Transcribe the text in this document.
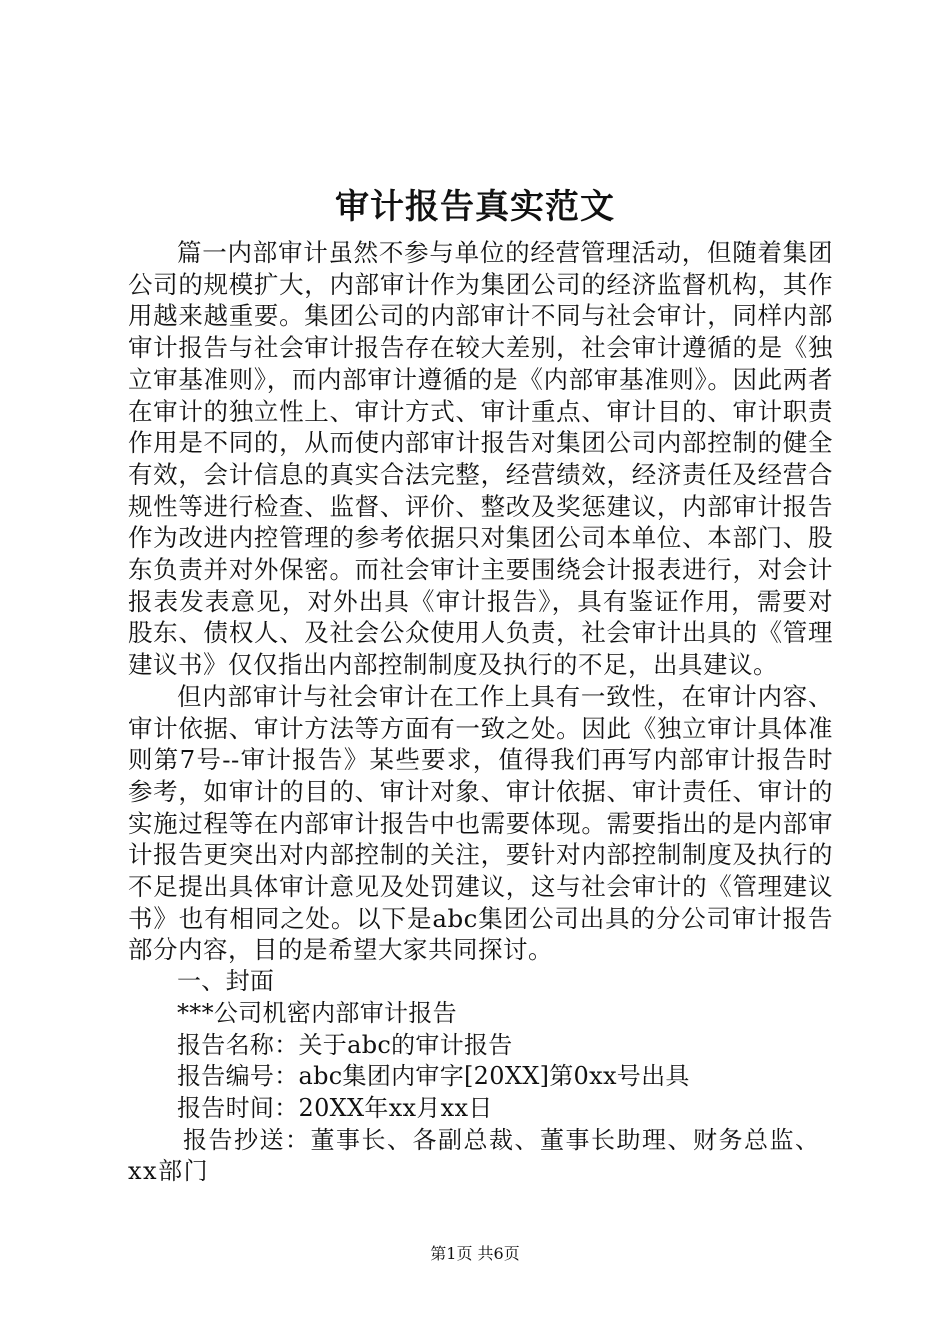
审计报告真实范文

篇一内部审计虽然不参与单位的经营管理活动，但随着集团公司的规模扩大，内部审计作为集团公司的经济监督机构，其作用越来越重要。集团公司的内部审计不同与社会审计，同样内部审计报告与社会审计报告存在较大差别，社会审计遵循的是《独立审基准则》，而内部审计遵循的是《内部审基准则》。因此两者在审计的独立性上、审计方式、审计重点、审计目的、审计职责作用是不同的，从而使内部审计报告对集团公司内部控制的健全有效，会计信息的真实合法完整，经营绩效，经济责任及经营合规性等进行检查、监督、评价、整改及奖惩建议，内部审计报告作为改进内控管理的参考依据只对集团公司本单位、本部门、股东负责并对外保密。而社会审计主要围绕会计报表进行，对会计报表发表意见，对外出具《审计报告》，具有鉴证作用，需要对股东、债权人、及社会公众使用人负责，社会审计出具的《管理建议书》仅仅指出内部控制制度及执行的不足，出具建议。

但内部审计与社会审计在工作上具有一致性，在审计内容、审计依据、审计方法等方面有一致之处。因此《独立审计具体准则第7号--审计报告》某些要求，值得我们再写内部审计报告时参考，如审计的目的、审计对象、审计依据、审计责任、审计的实施过程等在内部审计报告中也需要体现。需要指出的是内部审计报告更突出对内部控制的关注，要针对内部控制制度及执行的不足提出具体审计意见及处罚建议，这与社会审计的《管理建议书》也有相同之处。以下是abc集团公司出具的分公司审计报告部分内容，目的是希望大家共同探讨。

一、封面

***公司机密内部审计报告

报告名称：关于abc的审计报告

报告编号：abc集团内审字[20XX]第0xx号出具

报告时间：20XX年xx月xx日

报告抄送：董事长、各副总裁、董事长助理、财务总监、xx部门

第1页 共6页
